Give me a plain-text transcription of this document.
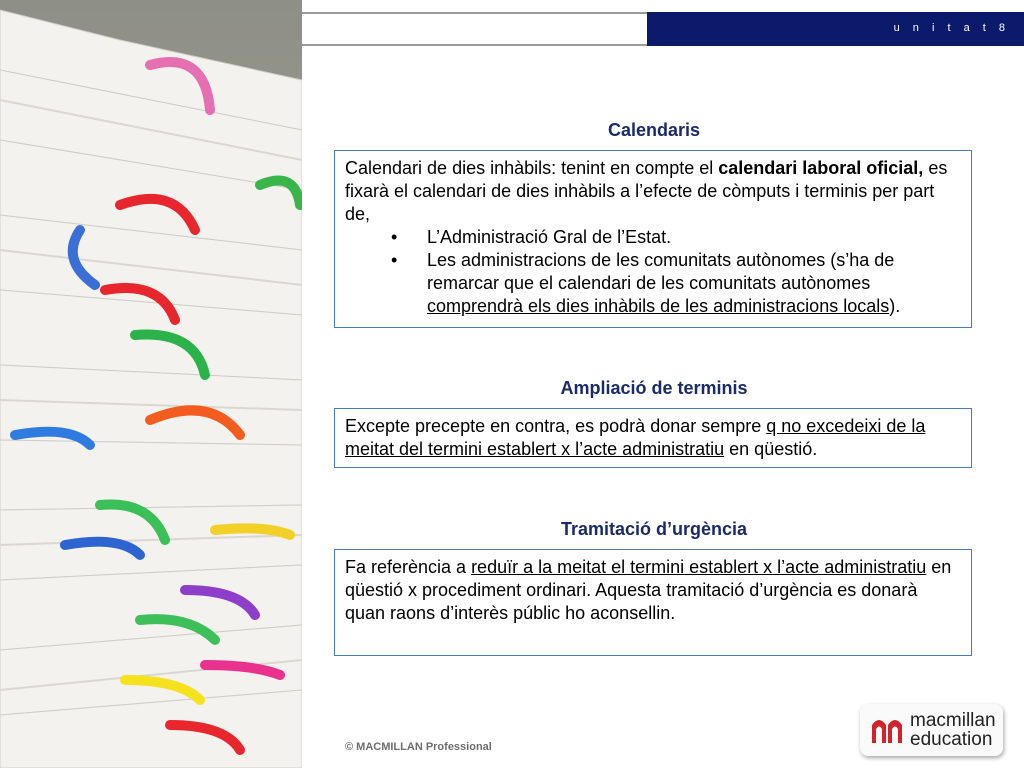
u n i t a t 8
Calendaris
Calendari de dies inhàbils: tenint en compte el calendari laboral oficial, es fixarà el calendari de dies inhàbils a l’efecte de còmputs i terminis per part de,
• L’Administració Gral de l’Estat.
• Les administracions de les comunitats autònomes (s’ha de remarcar que el calendari de les comunitats autònomes comprendrà els dies inhàbils de les administracions locals).
Ampliació de terminis
Excepte precepte en contra, es podrà donar sempre q no excedeixi de la meitat del termini establert x l’acte administratiu en qüestió.
Tramitació d’urgència
Fa referència a reduïr a la meitat el termini establert x l’acte administratiu en qüestió x procediment ordinari. Aquesta tramitació d’urgència es donarà quan raons d’interès públic ho aconsellin.
© MACMILLAN Professional
macmillan
education
